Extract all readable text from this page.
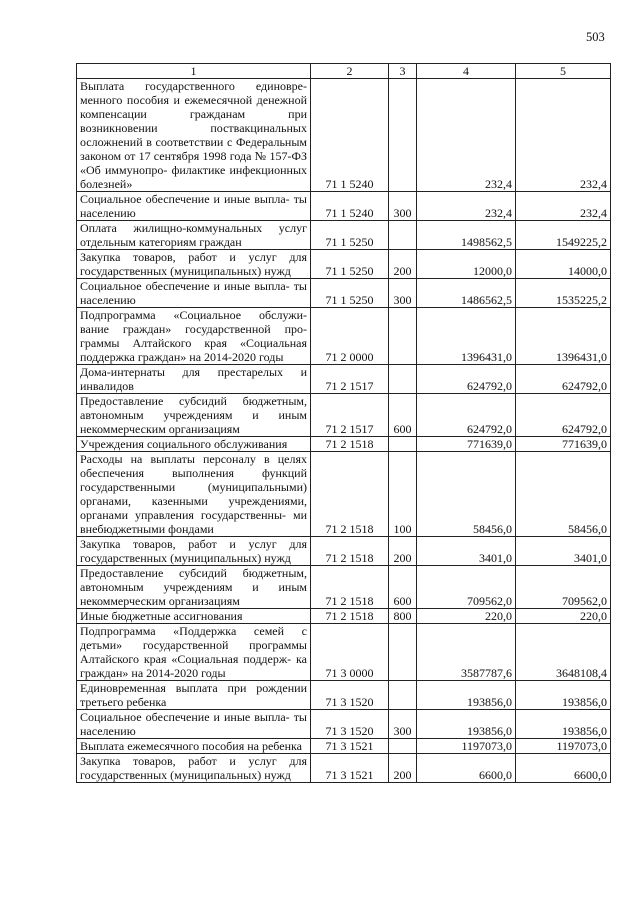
503
1	2	3	4	5
Выплата государственного единовре- менного пособия и ежемесячной денежной компенсации гражданам при возникновении поствакцинальных осложнений в соответствии с Федеральным законом от 17 сентября 1998 года № 157-ФЗ «Об иммунопро- филактике инфекционных болезней»	71 1 5240		232,4	232,4
Социальное обеспечение и иные выпла- ты населению	71 1 5240	300	232,4	232,4
Оплата жилищно-коммунальных услуг отдельным категориям граждан	71 1 5250		1498562,5	1549225,2
Закупка товаров, работ и услуг для государственных (муниципальных) нужд	71 1 5250	200	12000,0	14000,0
Социальное обеспечение и иные выпла- ты населению	71 1 5250	300	1486562,5	1535225,2
Подпрограмма «Социальное обслужи- вание граждан» государственной про- граммы Алтайского края «Социальная поддержка граждан» на 2014-2020 годы	71 2 0000		1396431,0	1396431,0
Дома-интернаты для престарелых и инвалидов	71 2 1517		624792,0	624792,0
Предоставление субсидий бюджетным, автономным учреждениям и иным некоммерческим организациям	71 2 1517	600	624792,0	624792,0
Учреждения социального обслуживания	71 2 1518		771639,0	771639,0
Расходы на выплаты персоналу в целях обеспечения выполнения функций государственными (муниципальными) органами, казенными учреждениями, органами управления государственны- ми внебюджетными фондами	71 2 1518	100	58456,0	58456,0
Закупка товаров, работ и услуг для государственных (муниципальных) нужд	71 2 1518	200	3401,0	3401,0
Предоставление субсидий бюджетным, автономным учреждениям и иным некоммерческим организациям	71 2 1518	600	709562,0	709562,0
Иные бюджетные ассигнования	71 2 1518	800	220,0	220,0
Подпрограмма «Поддержка семей с детьми» государственной программы Алтайского края «Социальная поддерж- ка граждан» на 2014-2020 годы	71 3 0000		3587787,6	3648108,4
Единовременная выплата при рождении третьего ребенка	71 3 1520		193856,0	193856,0
Социальное обеспечение и иные выпла- ты населению	71 3 1520	300	193856,0	193856,0
Выплата ежемесячного пособия на ребенка	71 3 1521		1197073,0	1197073,0
Закупка товаров, работ и услуг для государственных (муниципальных) нужд	71 3 1521	200	6600,0	6600,0
